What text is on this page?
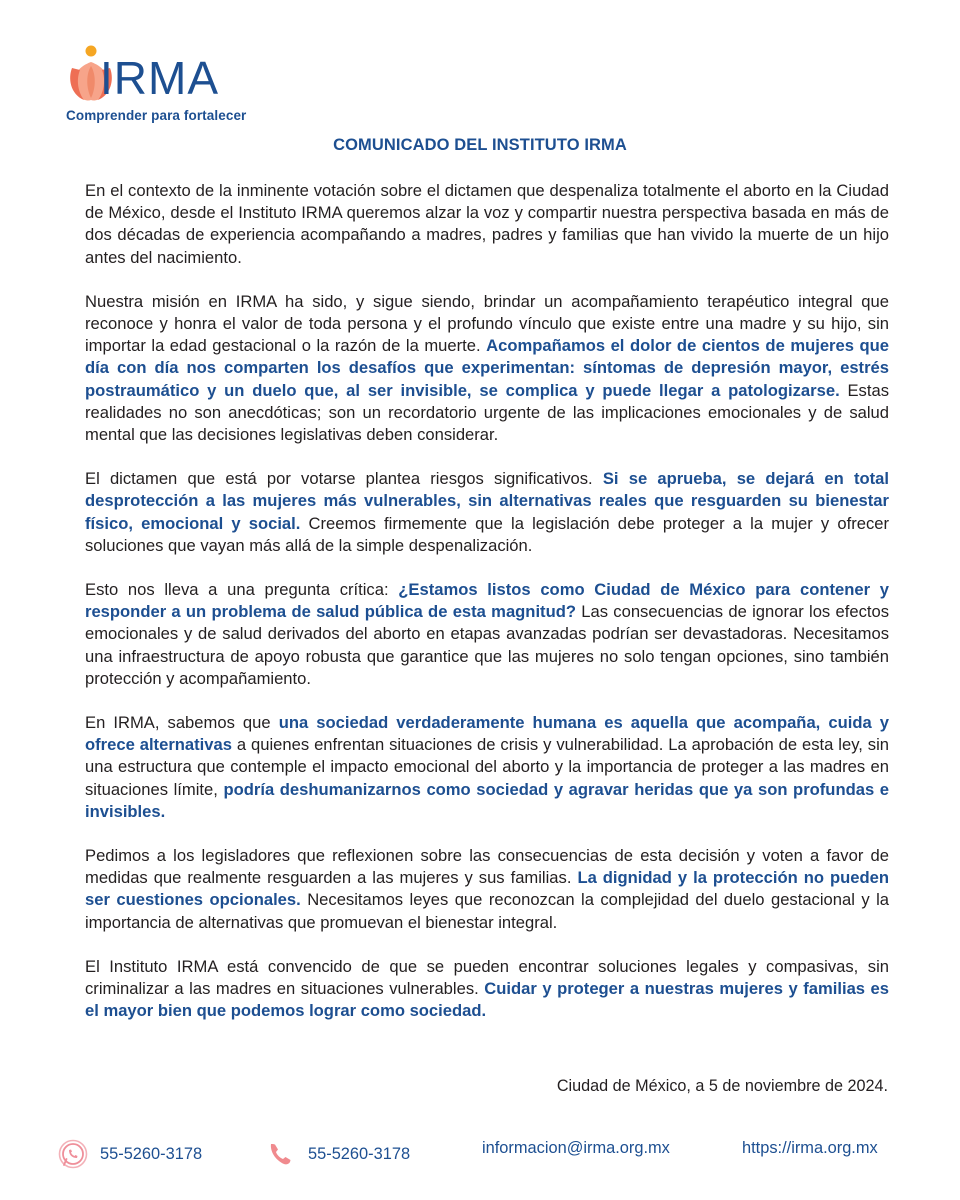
IRMA
Comprender para fortalecer
COMUNICADO DEL INSTITUTO IRMA

En el contexto de la inminente votación sobre el dictamen que despenaliza totalmente el aborto en la Ciudad de México, desde el Instituto IRMA queremos alzar la voz y compartir nuestra perspectiva basada en más de dos décadas de experiencia acompañando a madres, padres y familias que han vivido la muerte de un hijo antes del nacimiento.

Nuestra misión en IRMA ha sido, y sigue siendo, brindar un acompañamiento terapéutico integral que reconoce y honra el valor de toda persona y el profundo vínculo que existe entre una madre y su hijo, sin importar la edad gestacional o la razón de la muerte. Acompañamos el dolor de cientos de mujeres que día con día nos comparten los desafíos que experimentan: síntomas de depresión mayor, estrés postraumático y un duelo que, al ser invisible, se complica y puede llegar a patologizarse. Estas realidades no son anecdóticas; son un recordatorio urgente de las implicaciones emocionales y de salud mental que las decisiones legislativas deben considerar.

El dictamen que está por votarse plantea riesgos significativos. Si se aprueba, se dejará en total desprotección a las mujeres más vulnerables, sin alternativas reales que resguarden su bienestar físico, emocional y social. Creemos firmemente que la legislación debe proteger a la mujer y ofrecer soluciones que vayan más allá de la simple despenalización.

Esto nos lleva a una pregunta crítica: ¿Estamos listos como Ciudad de México para contener y responder a un problema de salud pública de esta magnitud? Las consecuencias de ignorar los efectos emocionales y de salud derivados del aborto en etapas avanzadas podrían ser devastadoras. Necesitamos una infraestructura de apoyo robusta que garantice que las mujeres no solo tengan opciones, sino también protección y acompañamiento.

En IRMA, sabemos que una sociedad verdaderamente humana es aquella que acompaña, cuida y ofrece alternativas a quienes enfrentan situaciones de crisis y vulnerabilidad. La aprobación de esta ley, sin una estructura que contemple el impacto emocional del aborto y la importancia de proteger a las madres en situaciones límite, podría deshumanizarnos como sociedad y agravar heridas que ya son profundas e invisibles.

Pedimos a los legisladores que reflexionen sobre las consecuencias de esta decisión y voten a favor de medidas que realmente resguarden a las mujeres y sus familias. La dignidad y la protección no pueden ser cuestiones opcionales. Necesitamos leyes que reconozcan la complejidad del duelo gestacional y la importancia de alternativas que promuevan el bienestar integral.

El Instituto IRMA está convencido de que se pueden encontrar soluciones legales y compasivas, sin criminalizar a las madres en situaciones vulnerables. Cuidar y proteger a nuestras mujeres y familias es el mayor bien que podemos lograr como sociedad.

Ciudad de México, a 5 de noviembre de 2024.
55-5260-3178	55-5260-3178	informacion@irma.org.mx	https://irma.org.mx
